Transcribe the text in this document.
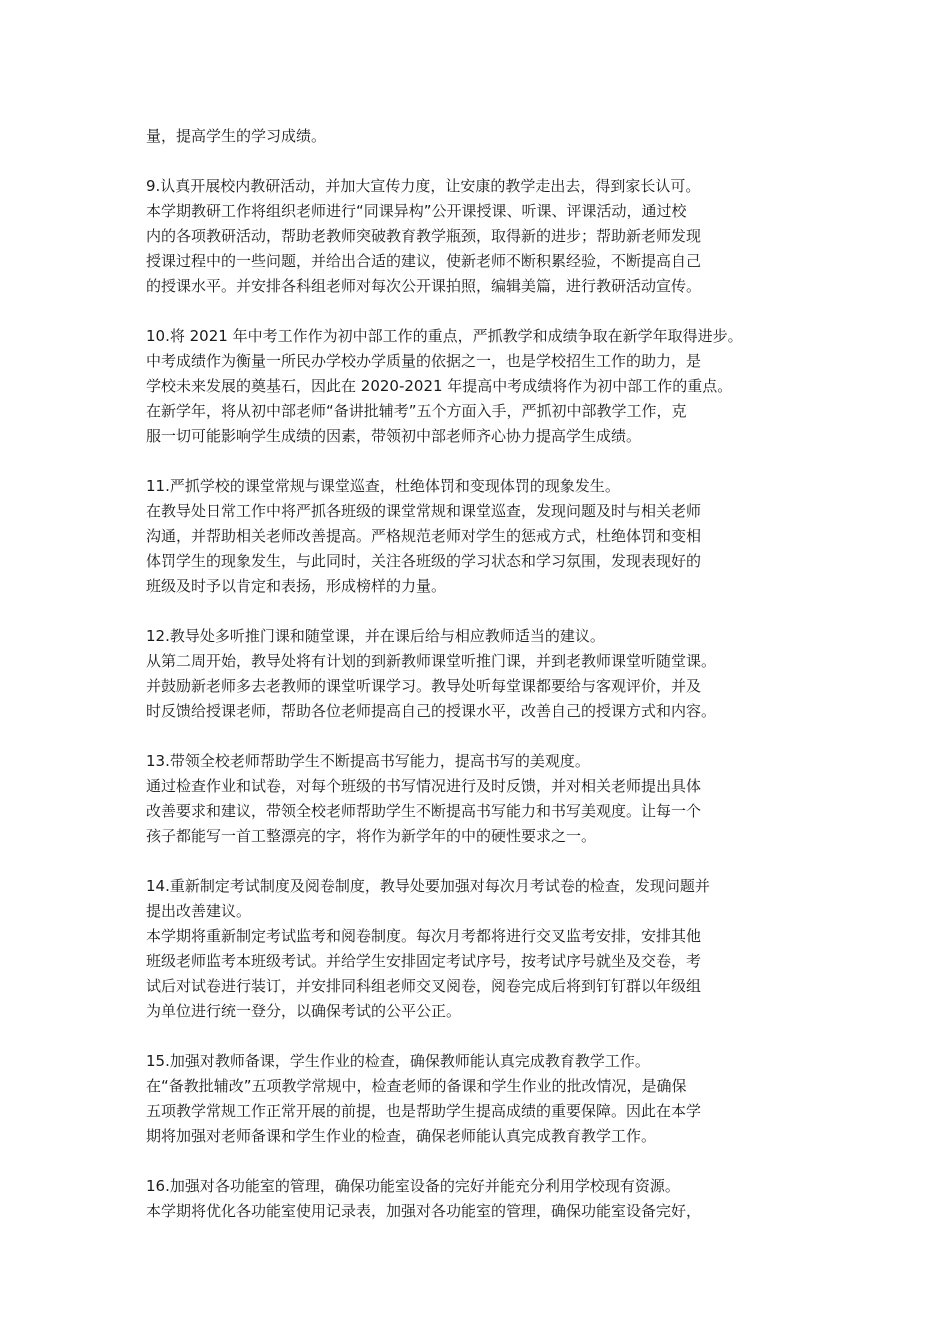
量，提高学生的学习成绩。
9.认真开展校内教研活动，并加大宣传力度，让安康的教学走出去，得到家长认可。
本学期教研工作将组织老师进行“同课异构”公开课授课、听课、评课活动，通过校
内的各项教研活动，帮助老教师突破教育教学瓶颈，取得新的进步；帮助新老师发现
授课过程中的一些问题，并给出合适的建议，使新老师不断积累经验，不断提高自己
的授课水平。并安排各科组老师对每次公开课拍照，编辑美篇，进行教研活动宣传。
10.将 2021 年中考工作作为初中部工作的重点，严抓教学和成绩争取在新学年取得进步。
中考成绩作为衡量一所民办学校办学质量的依据之一，也是学校招生工作的助力，是
学校未来发展的奠基石，因此在 2020-2021 年提高中考成绩将作为初中部工作的重点。
在新学年，将从初中部老师“备讲批辅考”五个方面入手，严抓初中部教学工作，克
服一切可能影响学生成绩的因素，带领初中部老师齐心协力提高学生成绩。
11.严抓学校的课堂常规与课堂巡查，杜绝体罚和变现体罚的现象发生。
在教导处日常工作中将严抓各班级的课堂常规和课堂巡查，发现问题及时与相关老师
沟通，并帮助相关老师改善提高。严格规范老师对学生的惩戒方式，杜绝体罚和变相
体罚学生的现象发生，与此同时，关注各班级的学习状态和学习氛围，发现表现好的
班级及时予以肯定和表扬，形成榜样的力量。
12.教导处多听推门课和随堂课，并在课后给与相应教师适当的建议。
从第二周开始，教导处将有计划的到新教师课堂听推门课，并到老教师课堂听随堂课。
并鼓励新老师多去老教师的课堂听课学习。教导处听每堂课都要给与客观评价，并及
时反馈给授课老师，帮助各位老师提高自己的授课水平，改善自己的授课方式和内容。
13.带领全校老师帮助学生不断提高书写能力，提高书写的美观度。
通过检查作业和试卷，对每个班级的书写情况进行及时反馈，并对相关老师提出具体
改善要求和建议，带领全校老师帮助学生不断提高书写能力和书写美观度。让每一个
孩子都能写一首工整漂亮的字，将作为新学年的中的硬性要求之一。
14.重新制定考试制度及阅卷制度，教导处要加强对每次月考试卷的检查，发现问题并
提出改善建议。
本学期将重新制定考试监考和阅卷制度。每次月考都将进行交叉监考安排，安排其他
班级老师监考本班级考试。并给学生安排固定考试序号，按考试序号就坐及交卷，考
试后对试卷进行装订，并安排同科组老师交叉阅卷，阅卷完成后将到钉钉群以年级组
为单位进行统一登分，以确保考试的公平公正。
15.加强对教师备课，学生作业的检查，确保教师能认真完成教育教学工作。
在“备教批辅改”五项教学常规中，检查老师的备课和学生作业的批改情况，是确保
五项教学常规工作正常开展的前提，也是帮助学生提高成绩的重要保障。因此在本学
期将加强对老师备课和学生作业的检查，确保老师能认真完成教育教学工作。
16.加强对各功能室的管理，确保功能室设备的完好并能充分利用学校现有资源。
本学期将优化各功能室使用记录表，加强对各功能室的管理，确保功能室设备完好，
